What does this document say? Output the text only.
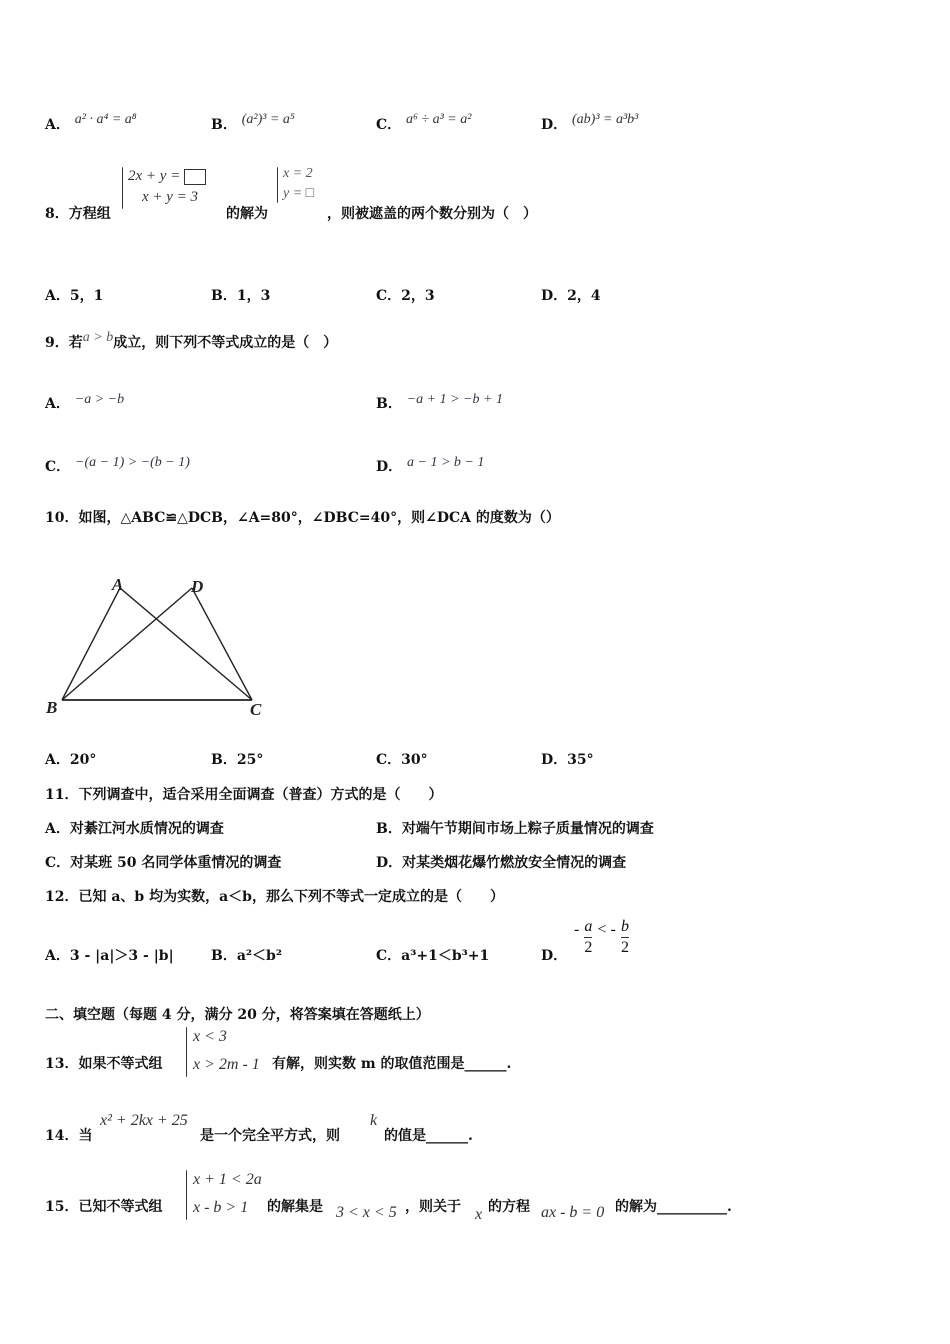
A． a² · a⁴ = a⁸	B． (a²)³ = a⁵	C． a⁶ ÷ a³ = a²	D． (ab)³ = a³b³
8．方程组
2x + y =
x + y = 3
的解为
x = 2
y = □
，则被遮盖的两个数分别为（　）
A．5，1	B．1，3	C．2，3	D．2，4
9．若a > b成立，则下列不等式成立的是（　）
A． −a > −b	B． −a + 1 > −b + 1
C． −(a − 1) > −(b − 1)	D． a − 1 > b − 1
10．如图，△ABC≌△DCB，∠A=80°，∠DBC=40°，则∠DCA 的度数为（）
A	D
B	C
A．20°	B．25°	C．30°	D．35°
11．下列调查中，适合采用全面调查（普查）方式的是（　　）
A．对綦江河水质情况的调查	B．对端午节期间市场上粽子质量情况的调查
C．对某班 50 名同学体重情况的调查	D．对某类烟花爆竹燃放安全情况的调查
12．已知 a、b 均为实数，a＜b，那么下列不等式一定成立的是（　　）
A．3 - |a|＞3 - |b|	B．a²＜b²	C．a³+1＜b³+1	D．
- $\frac{a}{2}$ < - $\frac{b}{2}$
二、填空题（每题 4 分，满分 20 分，将答案填在答题纸上）
13．如果不等式组
x < 3
x > 2m - 1 有解，则实数 m 的取值范围是______.
14．当
x² + 2kx + 25
是一个完全平方式，则
k
的值是______.
15．已知不等式组
x + 1 < 2a
x - b > 1 的解集是 3 < x < 5 ，则关于 x 的方程 ax - b = 0 的解为__________.
